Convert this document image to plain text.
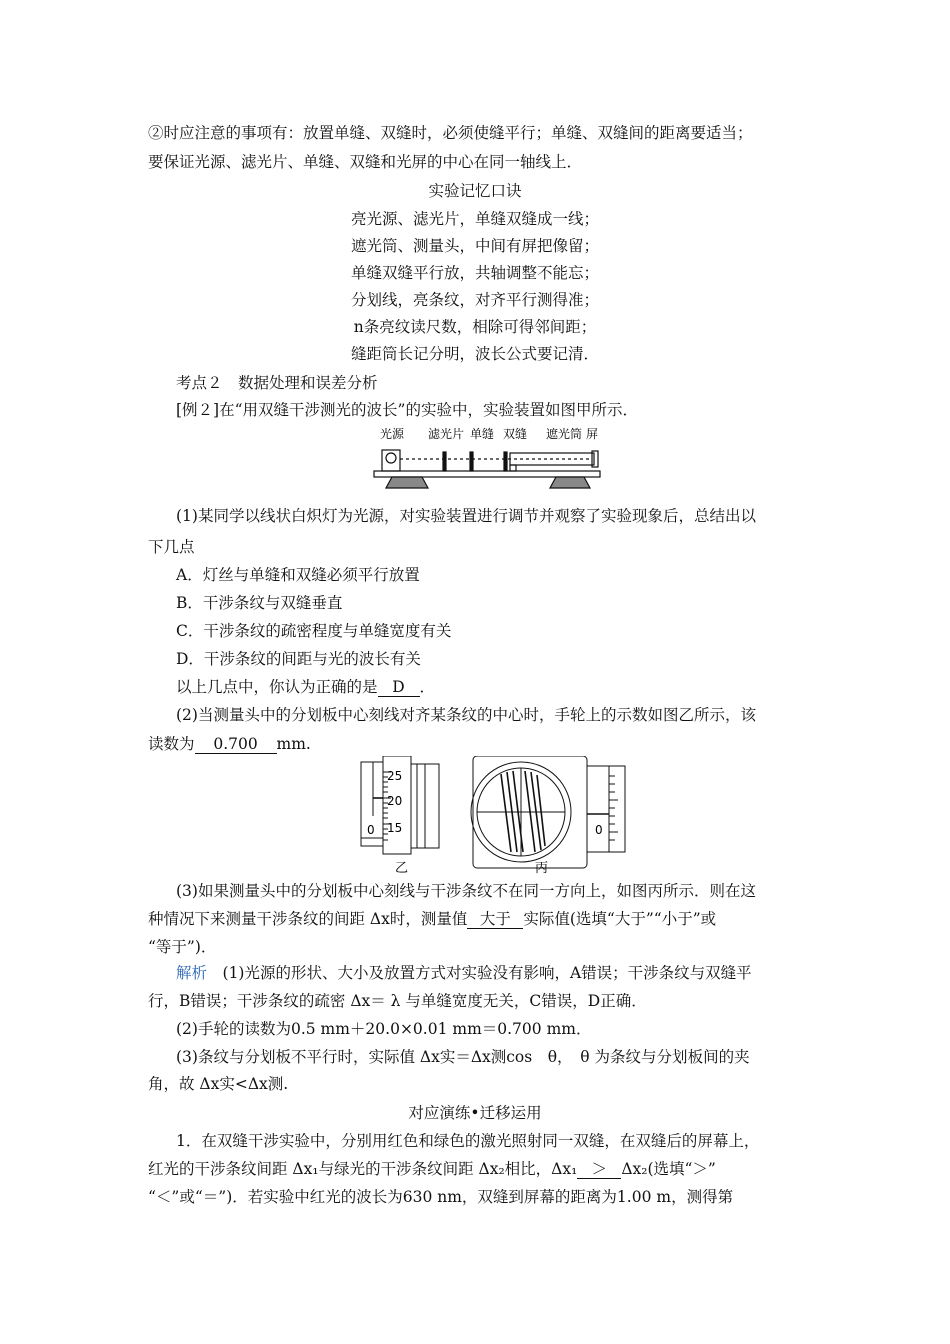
②时应注意的事项有：放置单缝、双缝时，必须使缝平行；单缝、双缝间的距离要适当；
要保证光源、滤光片、单缝、双缝和光屏的中心在同一轴线上．
实验记忆口诀
亮光源、滤光片，单缝双缝成一线；
遮光筒、测量头，中间有屏把像留；
单缝双缝平行放，共轴调整不能忘；
分划线，亮条纹，对齐平行测得准；
n条亮纹读尺数，相除可得邻间距；
缝距筒长记分明，波长公式要记清．
考点２　数据处理和误差分析
[例２]在“用双缝干涉测光的波长”的实验中，实验装置如图甲所示．
光源 滤光片 单缝 双缝 遮光筒 屏
(1)某同学以线状白炽灯为光源，对实验装置进行调节并观察了实验现象后，总结出以
下几点
A．灯丝与单缝和双缝必须平行放置
B．干涉条纹与双缝垂直
C．干涉条纹的疏密程度与单缝宽度有关
D．干涉条纹的间距与光的波长有关
以上几点中，你认为正确的是 D ．
(2)当测量头中的分划板中心刻线对齐某条纹的中心时，手轮上的示数如图乙所示，该
读数为 0.700 mm.
25
20
15
0	0
乙	丙
(3)如果测量头中的分划板中心刻线与干涉条纹不在同一方向上，如图丙所示．则在这
种情况下来测量干涉条纹的间距 Δx时，测量值 大于 实际值(选填“大于”“小于”或
“等于”)．
解析　(1)光源的形状、大小及放置方式对实验没有影响，A错误；干涉条纹与双缝平
行，B错误；干涉条纹的疏密 Δx＝ λ 与单缝宽度无关，C错误，D正确．
(2)手轮的读数为0.5 mm＋20.0×0.01 mm＝0.700 mm．
(3)条纹与分划板不平行时，实际值 Δx实＝Δx测cos　θ，　θ 为条纹与分划板间的夹
角，故 Δx实<Δx测.
对应演练•迁移运用
1．在双缝干涉实验中，分别用红色和绿色的激光照射同一双缝，在双缝后的屏幕上，
红光的干涉条纹间距 Δx₁与绿光的干涉条纹间距 Δx₂相比，Δx₁ ＞ Δx₂(选填“＞”
“＜”或“＝”)．若实验中红光的波长为630 nm，双缝到屏幕的距离为1.00 m，测得第
